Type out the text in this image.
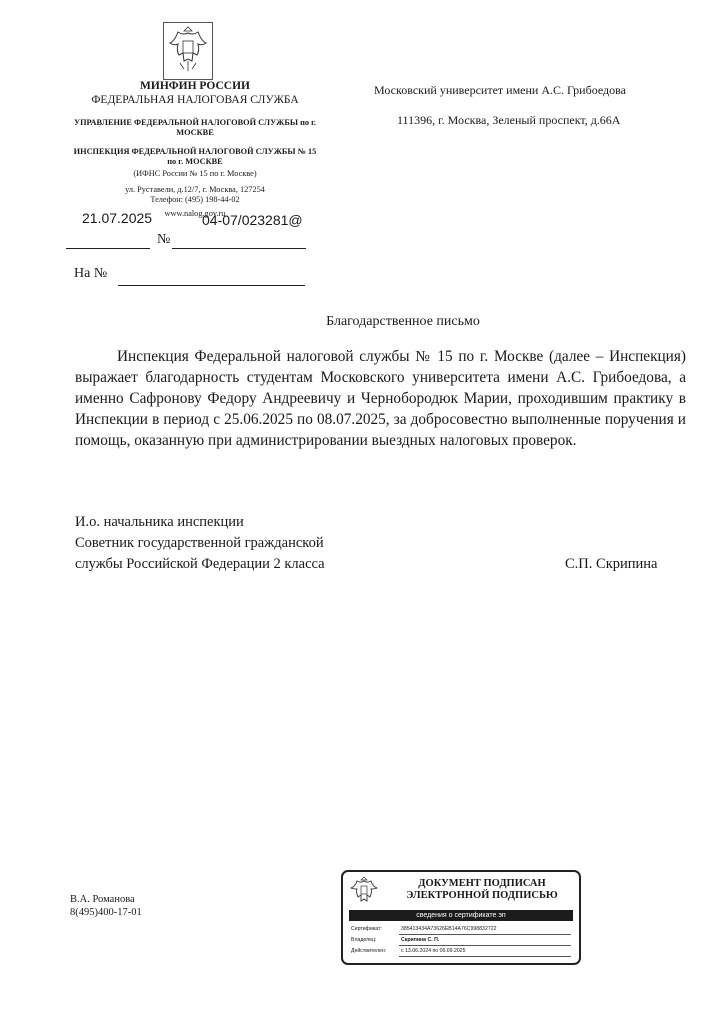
МИНФИН РОССИИ
ФЕДЕРАЛЬНАЯ НАЛОГОВАЯ СЛУЖБА
УПРАВЛЕНИЕ ФЕДЕРАЛЬНОЙ НАЛОГОВОЙ СЛУЖБЫ по г. МОСКВЕ
ИНСПЕКЦИЯ ФЕДЕРАЛЬНОЙ НАЛОГОВОЙ СЛУЖБЫ № 15 по г. МОСКВЕ
(ИФНС России № 15 по г. Москве)
ул. Руставели, д.12/7, г. Москва, 127254
Телефон: (495) 198-44-02
www.nalog.gov.ru
21.07.2025	04-07/023281@
№
На №
Московский университет имени А.С. Грибоедова
111396, г. Москва, Зеленый проспект, д.66А
Благодарственное письмо

Инспекция Федеральной налоговой службы № 15 по г. Москве (далее – Инспекция) выражает благодарность студентам Московского университета имени А.С. Грибоедова, а именно Сафронову Федору Андреевичу и Чернобородюк Марии, проходившим практику в Инспекции в период с 25.06.2025 по 08.07.2025, за добросовестно выполненные поручения и помощь, оказанную при администрировании выездных налоговых проверок.

И.о. начальника инспекции
Советник государственной гражданской
службы Российской Федерации 2 класса	С.П. Скрипина
В.А. Романова
8(495)400-17-01
ДОКУМЕНТ ПОДПИСАН
ЭЛЕКТРОННОЙ ПОДПИСЬЮ
сведения о сертификате эп
Сертификат:	385413434A73626EB14A76C998832722
Владелец:	Скрипина С. П.
Действителен:	с 13.06.2024 по 06.09.2025
